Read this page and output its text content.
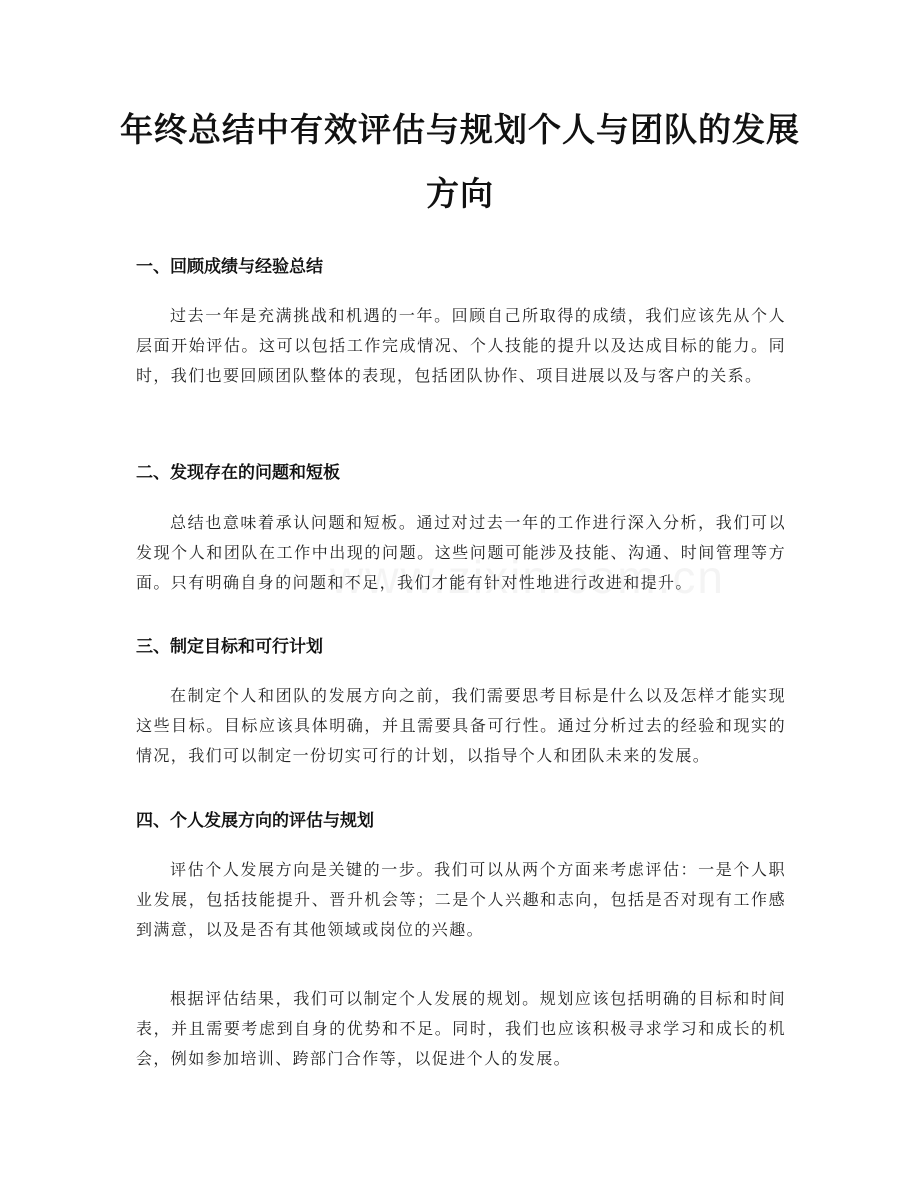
年终总结中有效评估与规划个人与团队的发展方向
一、回顾成绩与经验总结
过去一年是充满挑战和机遇的一年。回顾自己所取得的成绩，我们应该先从个人层面开始评估。这可以包括工作完成情况、个人技能的提升以及达成目标的能力。同时，我们也要回顾团队整体的表现，包括团队协作、项目进展以及与客户的关系。
二、发现存在的问题和短板
总结也意味着承认问题和短板。通过对过去一年的工作进行深入分析，我们可以发现个人和团队在工作中出现的问题。这些问题可能涉及技能、沟通、时间管理等方面。只有明确自身的问题和不足，我们才能有针对性地进行改进和提升。
三、制定目标和可行计划
在制定个人和团队的发展方向之前，我们需要思考目标是什么以及怎样才能实现这些目标。目标应该具体明确，并且需要具备可行性。通过分析过去的经验和现实的情况，我们可以制定一份切实可行的计划，以指导个人和团队未来的发展。
四、个人发展方向的评估与规划
评估个人发展方向是关键的一步。我们可以从两个方面来考虑评估：一是个人职业发展，包括技能提升、晋升机会等；二是个人兴趣和志向，包括是否对现有工作感到满意，以及是否有其他领域或岗位的兴趣。
根据评估结果，我们可以制定个人发展的规划。规划应该包括明确的目标和时间表，并且需要考虑到自身的优势和不足。同时，我们也应该积极寻求学习和成长的机会，例如参加培训、跨部门合作等，以促进个人的发展。
